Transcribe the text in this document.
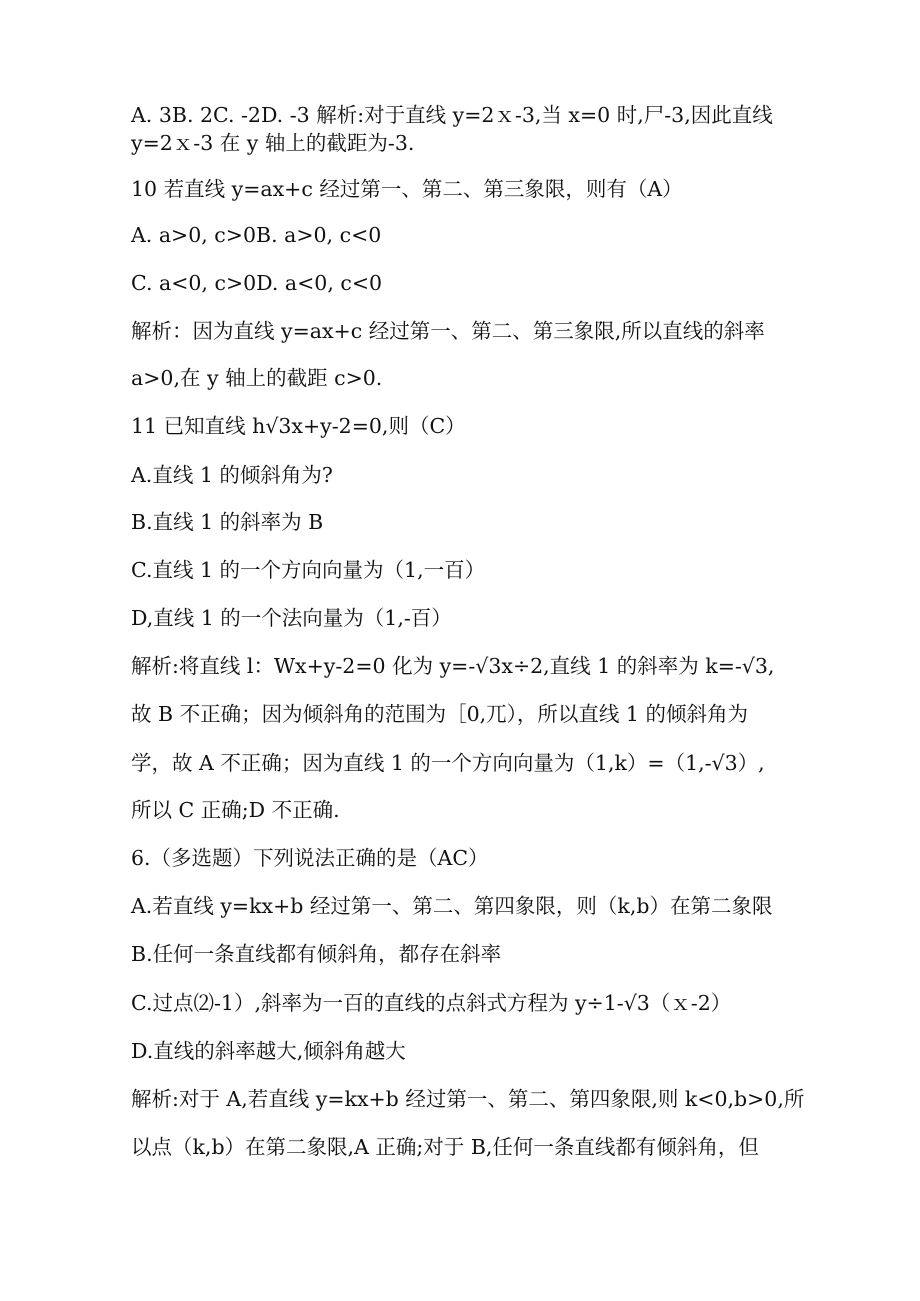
A. 3B. 2C. -2D. -3 解析:对于直线 y=2ｘ-3,当 x=0 时,尸-3,因此直线
y=2ｘ-3 在 y 轴上的截距为-3.
10 若直线 y=ax+c 经过第一、第二、第三象限，则有（A）
A. a>0, c>0B. a>0, c<0
C. a<0, c>0D. a<0, c<0
解析：因为直线 y=ax+c 经过第一、第二、第三象限,所以直线的斜率
a>0,在 y 轴上的截距 c>0.
11 已知直线 h√3x+y-2=0,则（C）
A.直线 1 的倾斜角为?
B.直线 1 的斜率为 B
C.直线 1 的一个方向向量为（1,一百）
D,直线 1 的一个法向量为（1,-百）
解析:将直线 l：Wx+y-2=0 化为 y=-√3x÷2,直线 1 的斜率为 k=-√3,
故 B 不正确；因为倾斜角的范围为［0,兀），所以直线 1 的倾斜角为
学，故 A 不正确；因为直线 1 的一个方向向量为（1,k）=（1,-√3）,
所以 C 正确;D 不正确.
6.（多选题）下列说法正确的是（AC）
A.若直线 y=kx+b 经过第一、第二、第四象限，则（k,b）在第二象限
B.任何一条直线都有倾斜角，都存在斜率
C.过点⑵-1）,斜率为一百的直线的点斜式方程为 y÷1-√3（ｘ-2）
D.直线的斜率越大,倾斜角越大
解析:对于 A,若直线 y=kx+b 经过第一、第二、第四象限,则 k<0,b>0,所
以点（k,b）在第二象限,A 正确;对于 B,任何一条直线都有倾斜角，但
